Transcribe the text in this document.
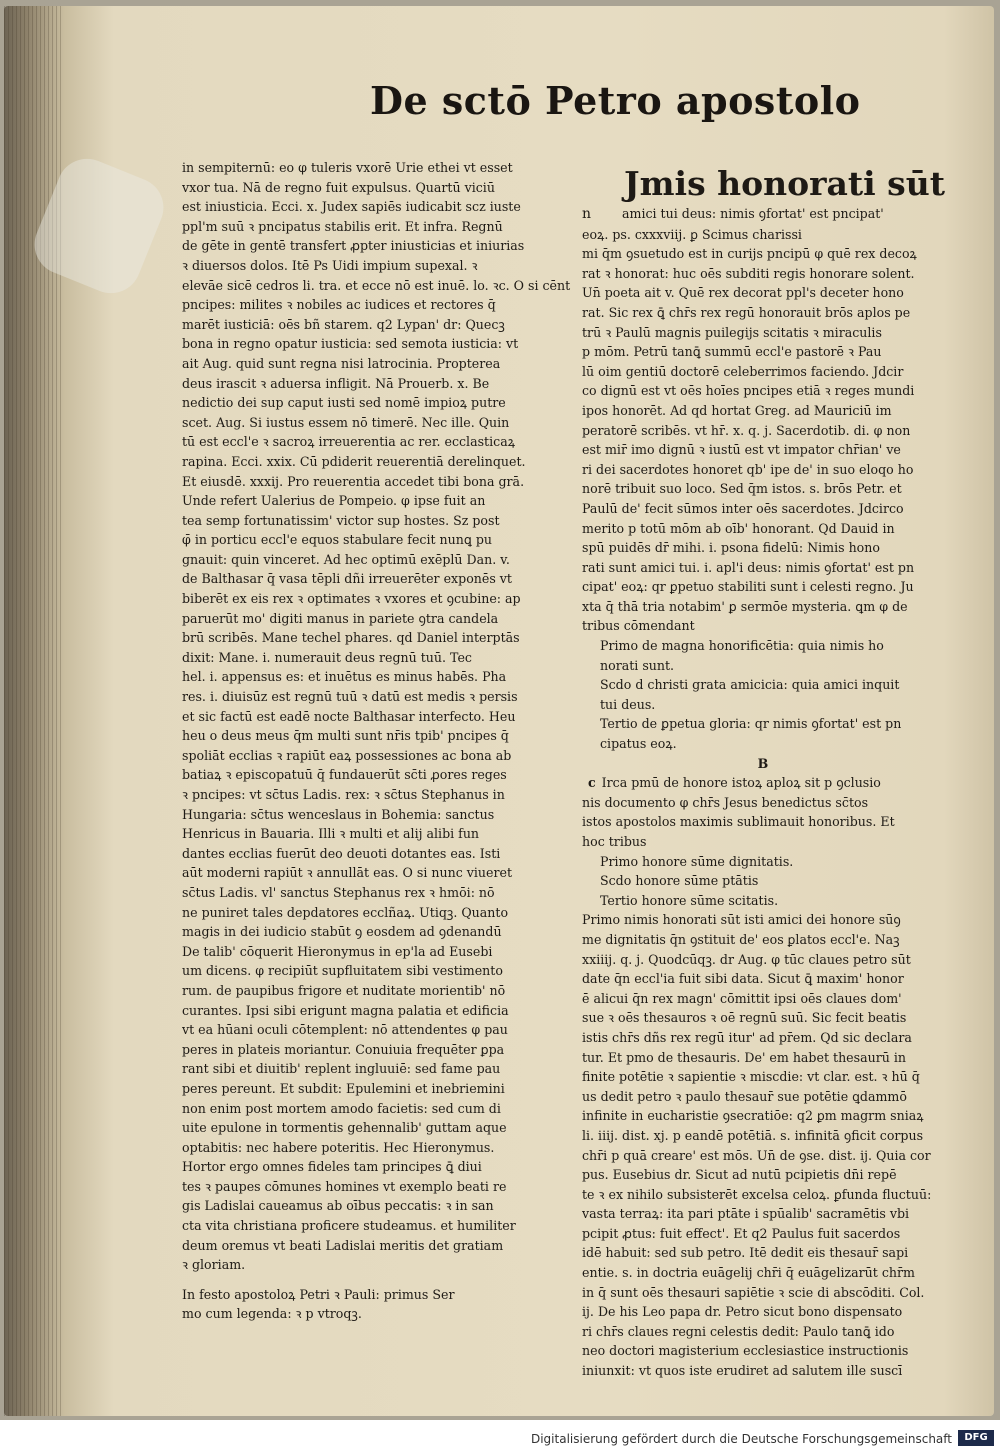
De sctō Petro apostolo
in sempiternū: eo φ tuleris vxorē Urie ethei vt esset
vxor tua. Nā de regno fuit expulsus. Quartū viciū
est iniusticia. Ecci. x. Judex sapiēs iudicabit scz iuste
ppl'm suū ꝛ pncipatus stabilis erit. Et infra. Regnū
de gēte in gentē transfert ꝓpter iniusticias et iniurias
ꝛ diuersos dolos. Itē Ps Uidi impium supexal. ꝛ
elevāe sicē cedros li. tra. et ecce nō est inuē. lo. ꝛc. O si cēnt
pncipes: milites ꝛ nobiles ac iudices et rectores q̄
marēt iusticiā: oēs bñ starem. q2 Lypan' dr: Quecꝫ
bona in regno opatur iusticia: sed semota iusticia: vt
ait Aug. quid sunt regna nisi latrocinia. Propterea
deus irascit ꝛ aduersa infligit. Nā Prouerb. x. Be
nedictio dei sup caput iusti sed nomē impioꝝ putre
scet. Aug. Si iustus essem nō timerē. Nec ille. Quin
tū est eccl'e ꝛ sacroꝝ irreuerentia ac rer. ecclasticaꝝ
rapina. Ecci. xxix. Cū pdiderit reuerentiā derelinquet.
Et eiusdē. xxxij. Pro reuerentia accedet tibi bona grā.
Unde refert Ualerius de Pompeio. φ ipse fuit an
tea semp fortunatissim' victor sup hostes. Sz post
φ̄ in porticu eccl'e equos stabulare fecit nunꝗ pu
gnauit: quin vinceret. Ad hec optimū exēplū Dan. v.
de Balthasar q̄ vasa tēpli dñi irreuerēter exponēs vt
biberēt ex eis rex ꝛ optimates ꝛ vxores et ꝯcubine: ap
paruerūt mo' digiti manus in pariete ꝯtra candela
brū scribēs. Mane techel phares. qd Daniel interptās
dixit: Mane. i. numerauit deus regnū tuū. Tec
hel. i. appensus es: et inuētus es minus habēs. Pha
res. i. diuisūz est regnū tuū ꝛ datū est medis ꝛ persis
et sic factū est eadē nocte Balthasar interfecto. Heu
heu o deus meus q̄m multi sunt nr̄is tpib' pncipes q̄
spoliāt ecclias ꝛ rapiūt eaꝝ possessiones ac bona ab
batiaꝝ ꝛ episcopatuū q̄ fundauerūt sc̄ti ꝓores reges
ꝛ pncipes: vt sc̄tus Ladis. rex: ꝛ sc̄tus Stephanus in
Hungaria: sc̄tus wenceslaus in Bohemia: sanctus
Henricus in Bauaria. Illi ꝛ multi et alij alibi fun
dantes ecclias fuerūt deo deuoti dotantes eas. Isti
aūt moderni rapiūt ꝛ annullāt eas. O si nunc viueret
sc̄tus Ladis. vl' sanctus Stephanus rex ꝛ hmōi: nō
ne puniret tales depdatores ecclñaꝝ. Utiqꝫ. Quanto
magis in dei iudicio stabūt ꝯ eosdem ad ꝯdenandū
De talib' cōquerit Hieronymus in ep'la ad Eusebi
um dicens. φ recipiūt supfluitatem sibi vestimento
rum. de paupibus frigore et nuditate morientib' nō
curantes. Ipsi sibi erigunt magna palatia et edificia
vt ea hūani oculi cōtemplent: nō attendentes φ pau
peres in plateis moriantur. Conuiuia frequēter ꝑpa
rant sibi et diuitib' replent ingluuiē: sed fame pau
peres pereunt. Et subdit: Epulemini et inebriemini
non enim post mortem amodo facietis: sed cum di
uite epulone in tormentis gehennalib' guttam aque
optabitis: nec habere poteritis. Hec Hieronymus.
Hortor ergo omnes fideles tam principes ꝗ̄ diui
tes ꝛ paupes cōmunes homines vt exemplo beati re
gis Ladislai caueamus ab oībus peccatis: ꝛ in san
cta vita christiana proficere studeamus. et humiliter
deum oremus vt beati Ladislai meritis det gratiam
ꝛ gloriam.
In festo apostoloꝝ Petri ꝛ Pauli: primus Ser
mo cum legenda: ꝛ p vtroqꝫ.
Jmis honorati sūt
n amici tui deus: nimis ꝯfortat' est pncipat'
eoꝝ. ps. cxxxviij. ꝑ Scimus charissi
mi q̄m ꝯsuetudo est in curijs pncipū φ quē rex decoꝝ
rat ꝛ honorat: huc oēs subditi regis honorare solent.
Un̄ poeta ait v. Quē rex decorat ppl's deceter hono
rat. Sic rex ꝗ̄ chr̄s rex regū honorauit brōs aplos pe
trū ꝛ Paulū magnis puilegijs scitatis ꝛ miraculis
p mōm. Petrū tanꝗ̄ summū eccl'e pastorē ꝛ Pau
lū oim gentiū doctorē celeberrimos faciendo. Jdcir
co dignū est vt oēs hoīes pncipes etiā ꝛ reges mundi
ipos honorēt. Ad qd hortat Greg. ad Mauriciū im
peratorē scribēs. vt hr̄. x. q. j. Sacerdotib. di. φ non
est mir̄ imo dignū ꝛ iustū est vt impator chr̄ian' ve
ri dei sacerdotes honoret qb' ipe de' in suo eloqo ho
norē tribuit suo loco. Sed q̄m istos. s. brōs Petr. et
Paulū de' fecit sūmos inter oēs sacerdotes. Jdcirco
merito p totū mōm ab oīb' honorant. Qd Dauid in
spū puidēs dr̄ mihi. i. psona fidelū: Nimis hono
rati sunt amici tui. i. apl'i deus: nimis ꝯfortat' est pn
cipat' eoꝝ: qr ꝑpetuo stabiliti sunt i celesti regno. Ju
xta q̄ thā tria notabim' ꝑ sermōe mysteria. ꝗm φ de
tribus cōmendant
Primo de magna honorificētia: quia nimis ho
norati sunt.
Scdo d christi grata amicicia: quia amici inquit
tui deus.
Tertio de ꝑpetua gloria: qr nimis ꝯfortat' est pn
cipatus eoꝝ.
B
c Irca pmū de honore istoꝝ aploꝝ sit p ꝯclusio
nis documento φ chr̄s Jesus benedictus sc̄tos
istos apostolos maximis sublimauit honoribus. Et
hoc tribus
Primo honore sūme dignitatis.
Scdo honore sūme ptātis
Tertio honore sūme scitatis.
Primo nimis honorati sūt isti amici dei honore sūꝯ
me dignitatis q̄n ꝯstituit de' eos ꝑlatos eccl'e. Naꝫ
xxiiij. q. j. Quodcūqꝫ. dr Aug. φ tūc claues petro sūt
date q̄n eccl'ia fuit sibi data. Sicut ꝗ̄ maxim' honor
ē alicui q̄n rex magn' cōmittit ipsi oēs claues dom'
sue ꝛ oēs thesauros ꝛ oē regnū suū. Sic fecit beatis
istis chr̄s dñs rex regū itur' ad pr̄em. Qd sic declara
tur. Et pmo de thesauris. De' em habet thesaurū in
finite potētie ꝛ sapientie ꝛ miscdie: vt clar. est. ꝛ hū q̄
us dedit petro ꝛ paulo thesaur̄ sue potētie ꝗdammō
infinite in eucharistie ꝯsecratiōe: q2 ꝑm magrm sniaꝝ
li. iiij. dist. xj. p eandē potētiā. s. infinitā ꝯficit corpus
chr̄i p quā creare' est mōs. Un̄ de ꝯse. dist. ij. Quia cor
pus. Eusebius dr. Sicut ad nutū pcipietis dn̄i repē
te ꝛ ex nihilo subsisterēt excelsa celoꝝ. ꝑfunda fluctuū:
vasta terraꝝ: ita pari ptāte i spūalib' sacramētis vbi
pcipit ꝓtus: fuit effect'. Et q2 Paulus fuit sacerdos
idē habuit: sed sub petro. Itē dedit eis thesaur̄ sapi
entie. s. in doctria euāgelij chr̄i q̄ euāgelizarūt chr̄m
in q̄ sunt oēs thesauri sapiētie ꝛ scie di abscōditi. Col.
ij. De his Leo papa dr. Petro sicut bono dispensato
ri chr̄s claues regni celestis dedit: Paulo tanꝗ̄ ido
neo doctori magisterium ecclesiastice instructionis
iniunxit: vt quos iste erudiret ad salutem ille suscī
Digitalisierung gefördert durch die Deutsche Forschungsgemeinschaft	DFG
